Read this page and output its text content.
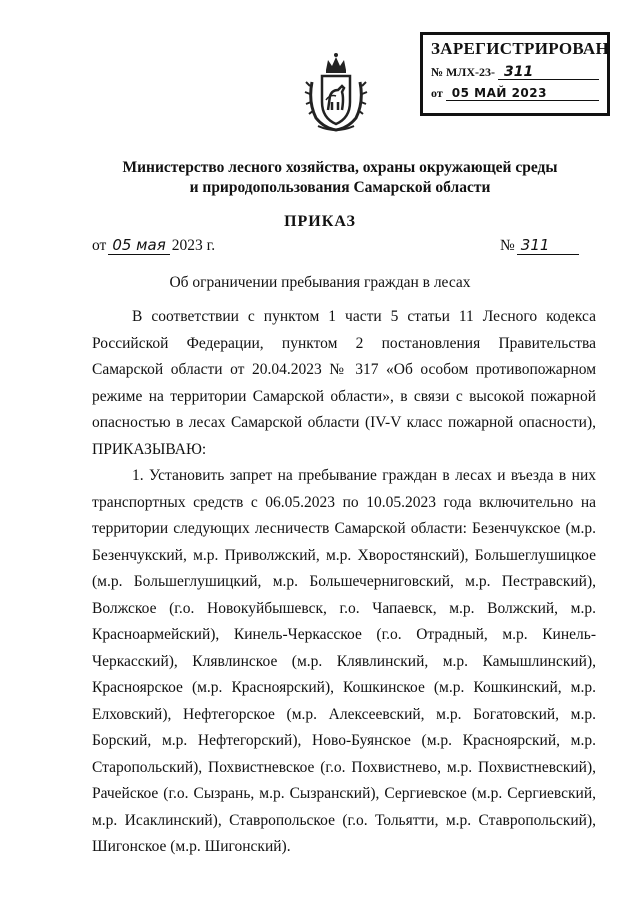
ЗАРЕГИСТРИРОВАН
№ МЛХ-23- 311
от 05 МАЙ 2023
Министерство лесного хозяйства, охраны окружающей среды
и природопользования Самарской области
ПРИКАЗ
от 05 мая 2023 г.	№ 311
Об ограничении пребывания граждан в лесах

В соответствии с пунктом 1 части 5 статьи 11 Лесного кодекса Российской Федерации, пунктом 2 постановления Правительства Самарской области от 20.04.2023 № 317 «Об особом противопожарном режиме на территории Самарской области», в связи с высокой пожарной опасностью в лесах Самарской области (IV-V класс пожарной опасности), ПРИКАЗЫВАЮ:

1. Установить запрет на пребывание граждан в лесах и въезда в них транспортных средств с 06.05.2023 по 10.05.2023 года включительно на территории следующих лесничеств Самарской области: Безенчукское (м.р. Безенчукский, м.р. Приволжский, м.р. Хворостянский), Большеглушицкое (м.р. Большеглушицкий, м.р. Большечерниговский, м.р. Пестравский), Волжское (г.о. Новокуйбышевск, г.о. Чапаевск, м.р. Волжский, м.р. Красноармейский), Кинель-Черкасское (г.о. Отрадный, м.р. Кинель-Черкасский), Клявлинское (м.р. Клявлинский, м.р. Камышлинский), Красноярское (м.р. Красноярский), Кошкинское (м.р. Кошкинский, м.р. Елховский), Нефтегорское (м.р. Алексеевский, м.р. Богатовский, м.р. Борский, м.р. Нефтегорский), Ново-Буянское (м.р. Красноярский, м.р. Старопольский), Похвистневское (г.о. Похвистнево, м.р. Похвистневский), Рачейское (г.о. Сызрань, м.р. Сызранский), Сергиевское (м.р. Сергиевский, м.р. Исаклинский), Ставропольское (г.о. Тольятти, м.р. Ставропольский), Шигонское (м.р. Шигонский).
